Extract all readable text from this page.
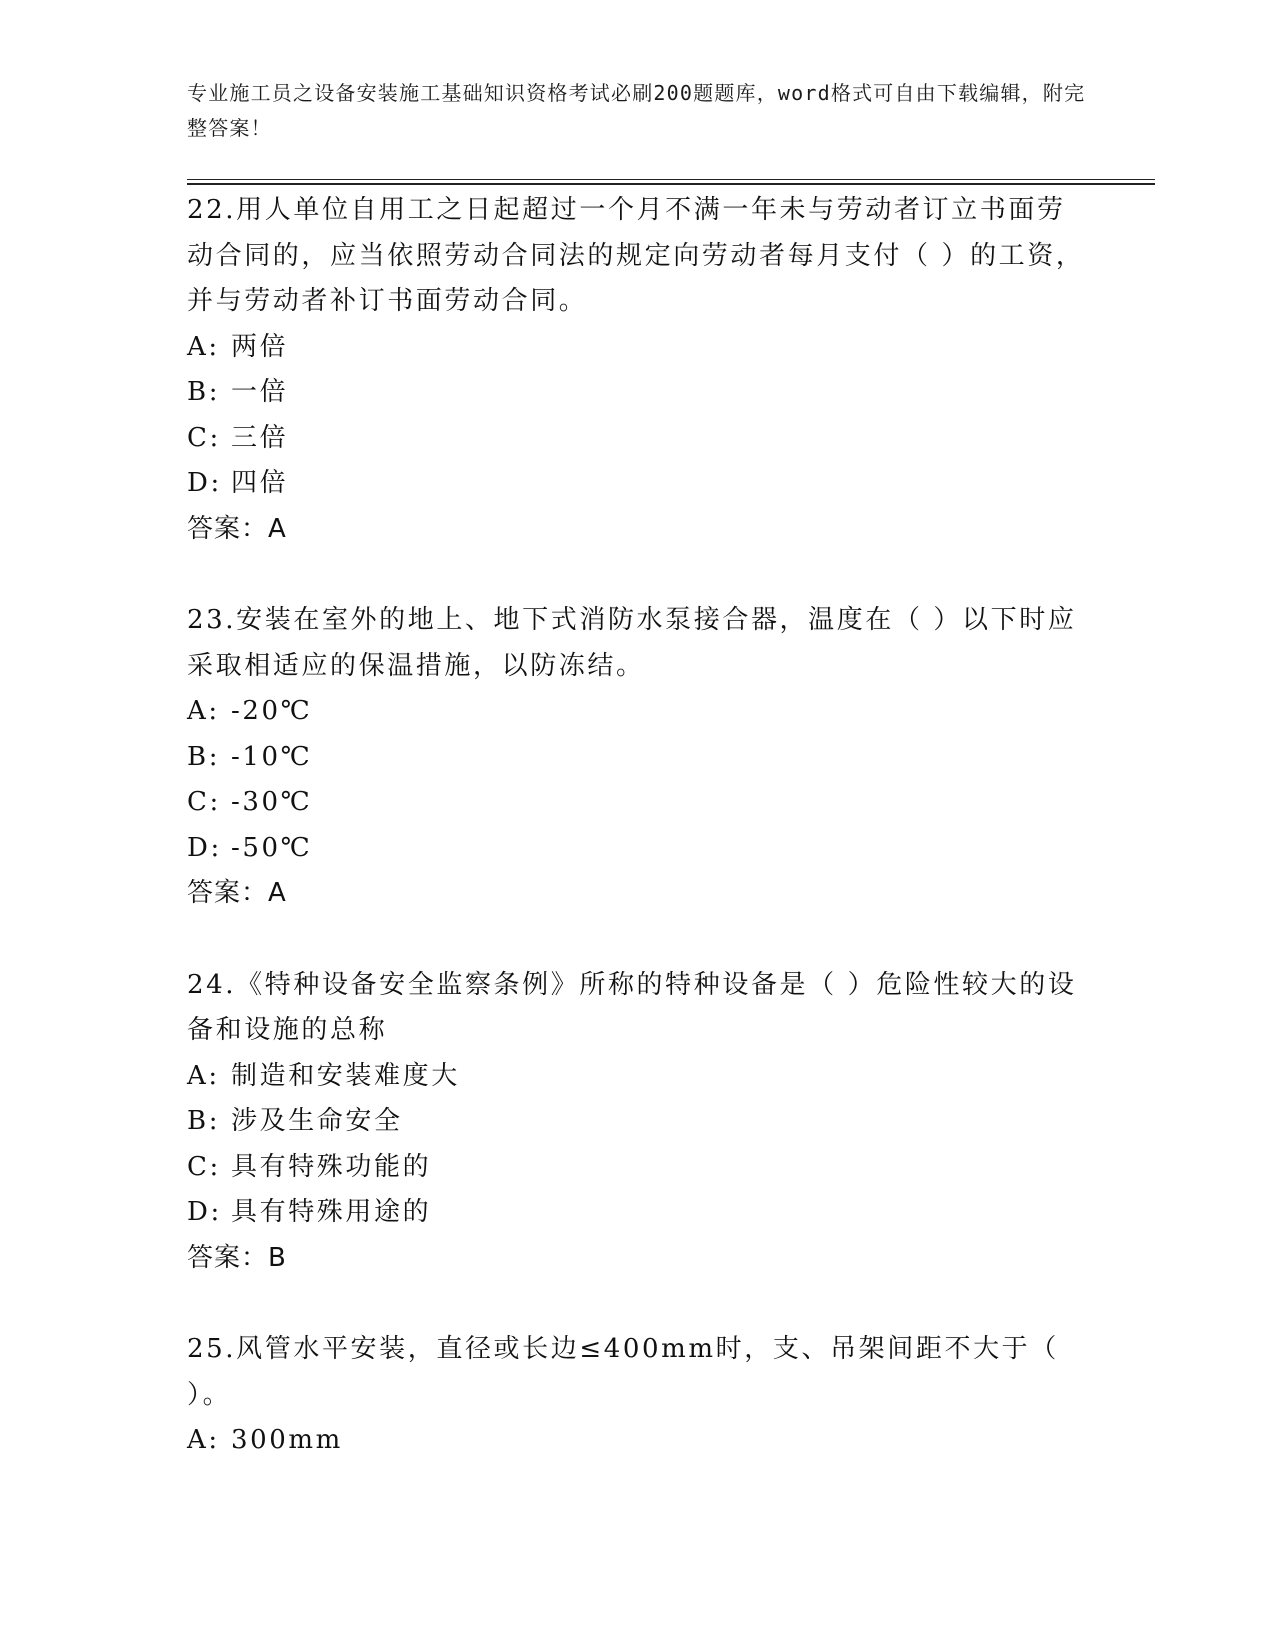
专业施工员之设备安装施工基础知识资格考试必刷200题题库，word格式可自由下载编辑，附完整答案！

22.用人单位自用工之日起超过一个月不满一年未与劳动者订立书面劳动合同的，应当依照劳动合同法的规定向劳动者每月支付（ ）的工资，并与劳动者补订书面劳动合同。

A: 两倍

B: 一倍

C: 三倍

D: 四倍

答案：A

23.安装在室外的地上、地下式消防水泵接合器，温度在（ ）以下时应采取相适应的保温措施，以防冻结。

A: -20℃

B: -10℃

C: -30℃

D: -50℃

答案：A

24.《特种设备安全监察条例》所称的特种设备是（ ）危险性较大的设备和设施的总称

A: 制造和安装难度大

B: 涉及生命安全

C: 具有特殊功能的

D: 具有特殊用途的

答案：B

25.风管水平安装，直径或长边≤400mm时，支、吊架间距不大于（ ）。

A: 300mm
